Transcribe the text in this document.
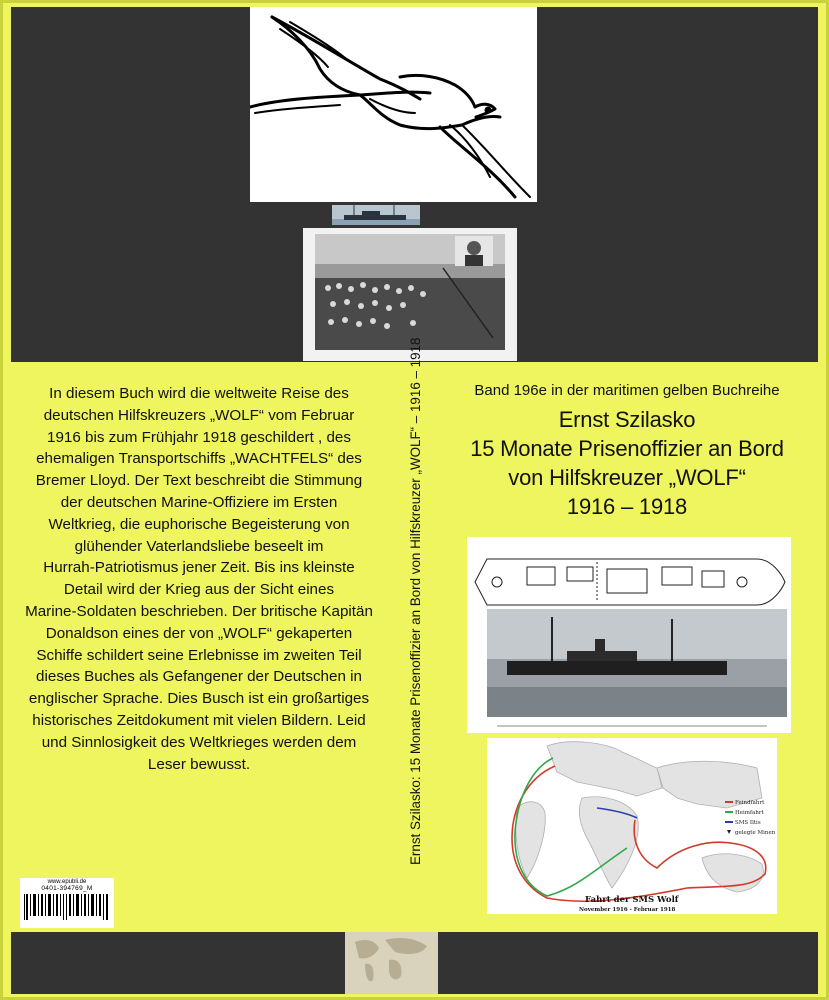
In diesem Buch wird die weltweite Reise des
deutschen Hilfskreuzers „WOLF“ vom Februar
1916 bis zum Frühjahr 1918 geschildert , des
ehemaligen Transportschiffs „WACHTFELS“ des
Bremer Lloyd. Der Text beschreibt die Stimmung
der deutschen Marine-Offiziere im Ersten
Weltkrieg, die euphorische Begeisterung von
glühender Vaterlandsliebe beseelt im
Hurrah-Patriotismus jener Zeit. Bis ins kleinste
Detail wird der Krieg aus der Sicht eines
Marine-Soldaten beschrieben. Der britische Kapitän
Donaldson eines der von „WOLF“ gekaperten
Schiffe schildert seine Erlebnisse im zweiten Teil
dieses Buches als Gefangener der Deutschen in
englischer Sprache. Dies Busch ist ein großartiges
historisches Zeitdokument mit vielen Bildern. Leid
und Sinnlosigkeit des Weltkrieges werden dem
Leser bewusst.	Ernst Szilasko: 15 Monate Prisenoffizier an Bord von Hilfskreuzer „WOLF“ – 1916 – 1918	Band 196e in der maritimen gelben Buchreihe
Ernst Szilasko
15 Monate Prisenoffizier an Bord
von Hilfskreuzer „WOLF“
1916 – 1918
Feindfahrt
Heimfahrt
SMS Iltis
gelegte Minen
Fahrt der SMS Wolf
November 1916 - Februar 1918
www.epubli.de
0401-394769_M
